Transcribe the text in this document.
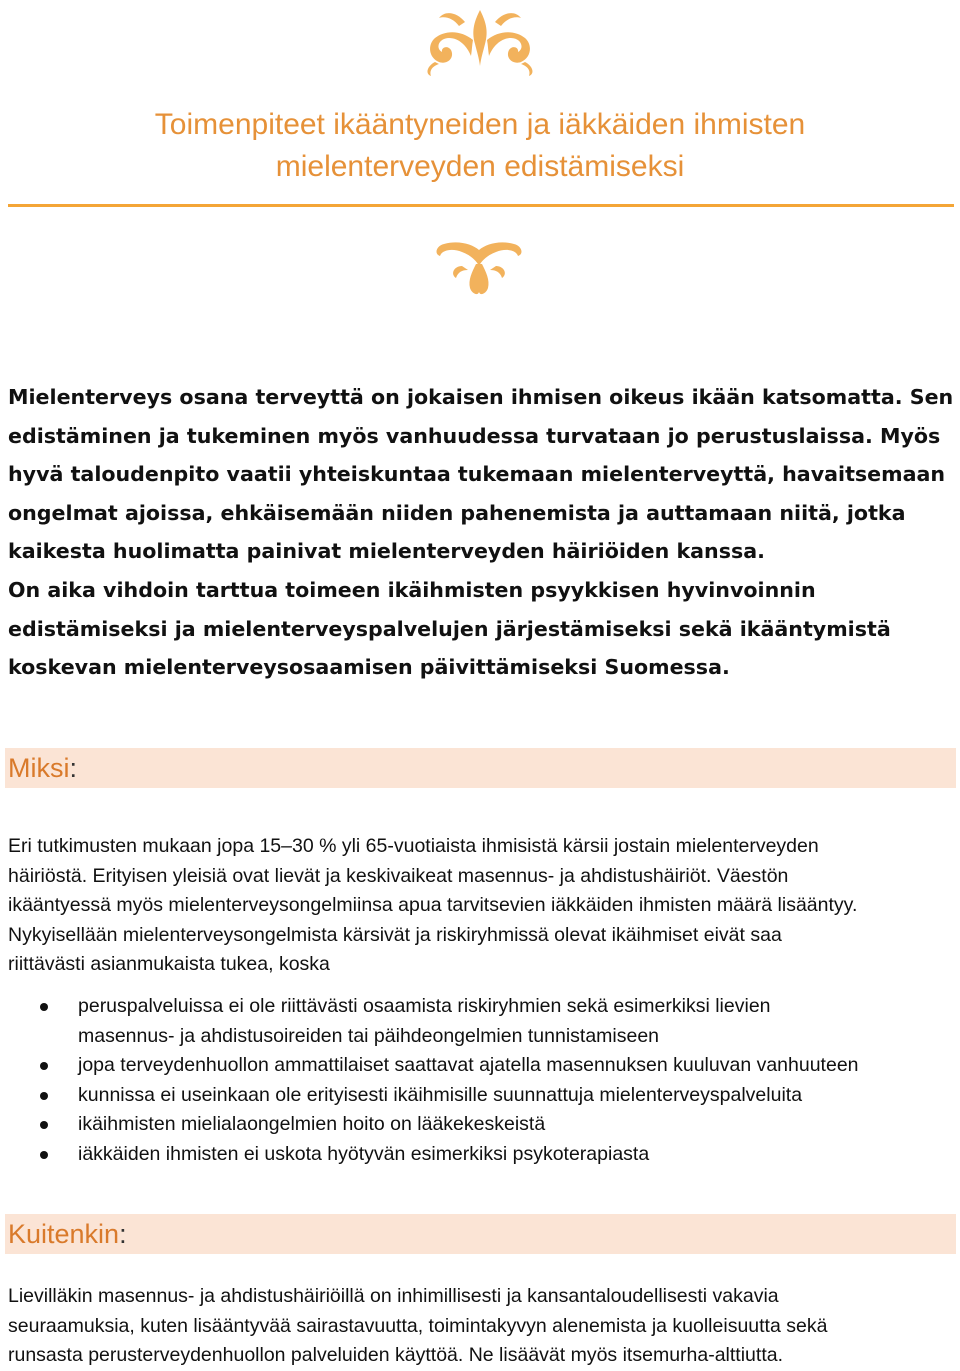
Toimenpiteet ikääntyneiden ja iäkkäiden ihmisten
mielenterveyden edistämiseksi
Mielenterveys osana terveyttä on jokaisen ihmisen oikeus ikään katsomatta. Sen
edistäminen ja tukeminen myös vanhuudessa turvataan jo perustuslaissa. Myös
hyvä taloudenpito vaatii yhteiskuntaa tukemaan mielenterveyttä, havaitsemaan
ongelmat ajoissa, ehkäisemään niiden pahenemista ja auttamaan niitä, jotka
kaikesta huolimatta painivat mielenterveyden häiriöiden kanssa.
On aika vihdoin tarttua toimeen ikäihmisten psyykkisen hyvinvoinnin
edistämiseksi ja mielenterveyspalvelujen järjestämiseksi sekä ikääntymistä
koskevan mielenterveysosaamisen päivittämiseksi Suomessa.
Miksi:
Eri tutkimusten mukaan jopa 15–30 % yli 65-vuotiaista ihmisistä kärsii jostain mielenterveyden
häiriöstä. Erityisen yleisiä ovat lievät ja keskivaikeat masennus- ja ahdistushäiriöt. Väestön
ikääntyessä myös mielenterveysongelmiinsa apua tarvitsevien iäkkäiden ihmisten määrä lisääntyy.
Nykyisellään mielenterveysongelmista kärsivät ja riskiryhmissä olevat ikäihmiset eivät saa
riittävästi asianmukaista tukea, koska
peruspalveluissa ei ole riittävästi osaamista riskiryhmien sekä esimerkiksi lievien
masennus- ja ahdistusoireiden tai päihdeongelmien tunnistamiseen
jopa terveydenhuollon ammattilaiset saattavat ajatella masennuksen kuuluvan vanhuuteen
kunnissa ei useinkaan ole erityisesti ikäihmisille suunnattuja mielenterveyspalveluita
ikäihmisten mielialaongelmien hoito on lääkekeskeistä
iäkkäiden ihmisten ei uskota hyötyvän esimerkiksi psykoterapiasta
Kuitenkin:
Lievilläkin masennus- ja ahdistushäiriöillä on inhimillisesti ja kansantaloudellisesti vakavia
seuraamuksia, kuten lisääntyvää sairastavuutta, toimintakyvyn alenemista ja kuolleisuutta sekä
runsasta perusterveydenhuollon palveluiden käyttöä. Ne lisäävät myös itsemurha-alttiutta.
